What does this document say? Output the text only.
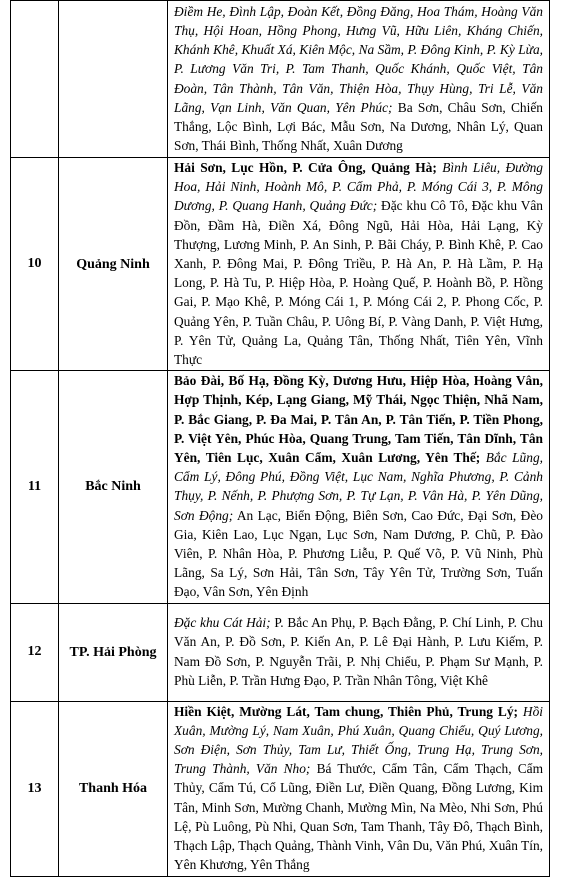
		Điềm He, Đình Lập, Đoàn Kết, Đồng Đăng, Hoa Thám, Hoàng Văn Thụ, Hội Hoan, Hồng Phong, Hưng Vũ, Hữu Liên, Kháng Chiến, Khánh Khê, Khuất Xá, Kiên Mộc, Na Sầm, P. Đông Kinh, P. Kỳ Lừa, P. Lương Văn Tri, P. Tam Thanh, Quốc Khánh, Quốc Việt, Tân Đoàn, Tân Thành, Tân Văn, Thiện Hòa, Thụy Hùng, Tri Lễ, Văn Lãng, Vạn Linh, Văn Quan, Yên Phúc; Ba Sơn, Châu Sơn, Chiến Thắng, Lộc Bình, Lợi Bác, Mẫu Sơn, Na Dương, Nhân Lý, Quan Sơn, Thái Bình, Thống Nhất, Xuân Dương
10	Quảng Ninh	Hải Sơn, Lục Hồn, P. Cửa Ông, Quảng Hà; Bình Liêu, Đường Hoa, Hải Ninh, Hoành Mô, P. Cẩm Phả, P. Móng Cái 3, P. Mông Dương, P. Quang Hanh, Quảng Đức; Đặc khu Cô Tô, Đặc khu Vân Đồn, Đầm Hà, Điền Xá, Đông Ngũ, Hải Hòa, Hải Lạng, Kỳ Thượng, Lương Minh, P. An Sinh, P. Bãi Cháy, P. Bình Khê, P. Cao Xanh, P. Đông Mai, P. Đông Triều, P. Hà An, P. Hà Lầm, P. Hạ Long, P. Hà Tu, P. Hiệp Hòa, P. Hoàng Quế, P. Hoành Bồ, P. Hồng Gai, P. Mạo Khê, P. Móng Cái 1, P. Móng Cái 2, P. Phong Cốc, P. Quảng Yên, P. Tuần Châu, P. Uông Bí, P. Vàng Danh, P. Việt Hưng, P. Yên Tử, Quảng La, Quảng Tân, Thống Nhất, Tiên Yên, Vĩnh Thực
11	Bắc Ninh	Bảo Đài, Bố Hạ, Đồng Kỳ, Dương Hưu, Hiệp Hòa, Hoàng Vân, Hợp Thịnh, Kép, Lạng Giang, Mỹ Thái, Ngọc Thiện, Nhã Nam, P. Bắc Giang, P. Đa Mai, P. Tân An, P. Tân Tiến, P. Tiền Phong, P. Việt Yên, Phúc Hòa, Quang Trung, Tam Tiến, Tân Dĩnh, Tân Yên, Tiên Lục, Xuân Cẩm, Xuân Lương, Yên Thế; Bắc Lũng, Cẩm Lý, Đông Phú, Đồng Việt, Lục Nam, Nghĩa Phương, P. Cảnh Thụy, P. Nếnh, P. Phượng Sơn, P. Tự Lạn, P. Vân Hà, P. Yên Dũng, Sơn Động; An Lạc, Biển Động, Biên Sơn, Cao Đức, Đại Sơn, Đèo Gia, Kiên Lao, Lục Ngạn, Lục Sơn, Nam Dương, P. Chũ, P. Đào Viên, P. Nhân Hòa, P. Phương Liễu, P. Quế Võ, P. Vũ Ninh, Phù Lãng, Sa Lý, Sơn Hải, Tân Sơn, Tây Yên Tử, Trường Sơn, Tuấn Đạo, Vân Sơn, Yên Định
12	TP. Hải Phòng	Đặc khu Cát Hải; P. Bắc An Phụ, P. Bạch Đằng, P. Chí Linh, P. Chu Văn An, P. Đồ Sơn, P. Kiến An, P. Lê Đại Hành, P. Lưu Kiếm, P. Nam Đồ Sơn, P. Nguyễn Trãi, P. Nhị Chiểu, P. Phạm Sư Mạnh, P. Phù Liễn, P. Trần Hưng Đạo, P. Trần Nhân Tông, Việt Khê
13	Thanh Hóa	Hiền Kiệt, Mường Lát, Tam chung, Thiên Phủ, Trung Lý; Hồi Xuân, Mường Lý, Nam Xuân, Phú Xuân, Quang Chiểu, Quý Lương, Sơn Điện, Sơn Thủy, Tam Lư, Thiết Ống, Trung Hạ, Trung Sơn, Trung Thành, Văn Nho; Bá Thước, Cẩm Tân, Cẩm Thạch, Cẩm Thủy, Cẩm Tú, Cổ Lũng, Điền Lư, Điền Quang, Đồng Lương, Kim Tân, Minh Sơn, Mường Chanh, Mường Mìn, Na Mèo, Nhi Sơn, Phú Lệ, Pù Luông, Pù Nhi, Quan Sơn, Tam Thanh, Tây Đô, Thạch Bình, Thạch Lập, Thạch Quảng, Thành Vinh, Vân Du, Văn Phú, Xuân Tín, Yên Khương, Yên Thắng
